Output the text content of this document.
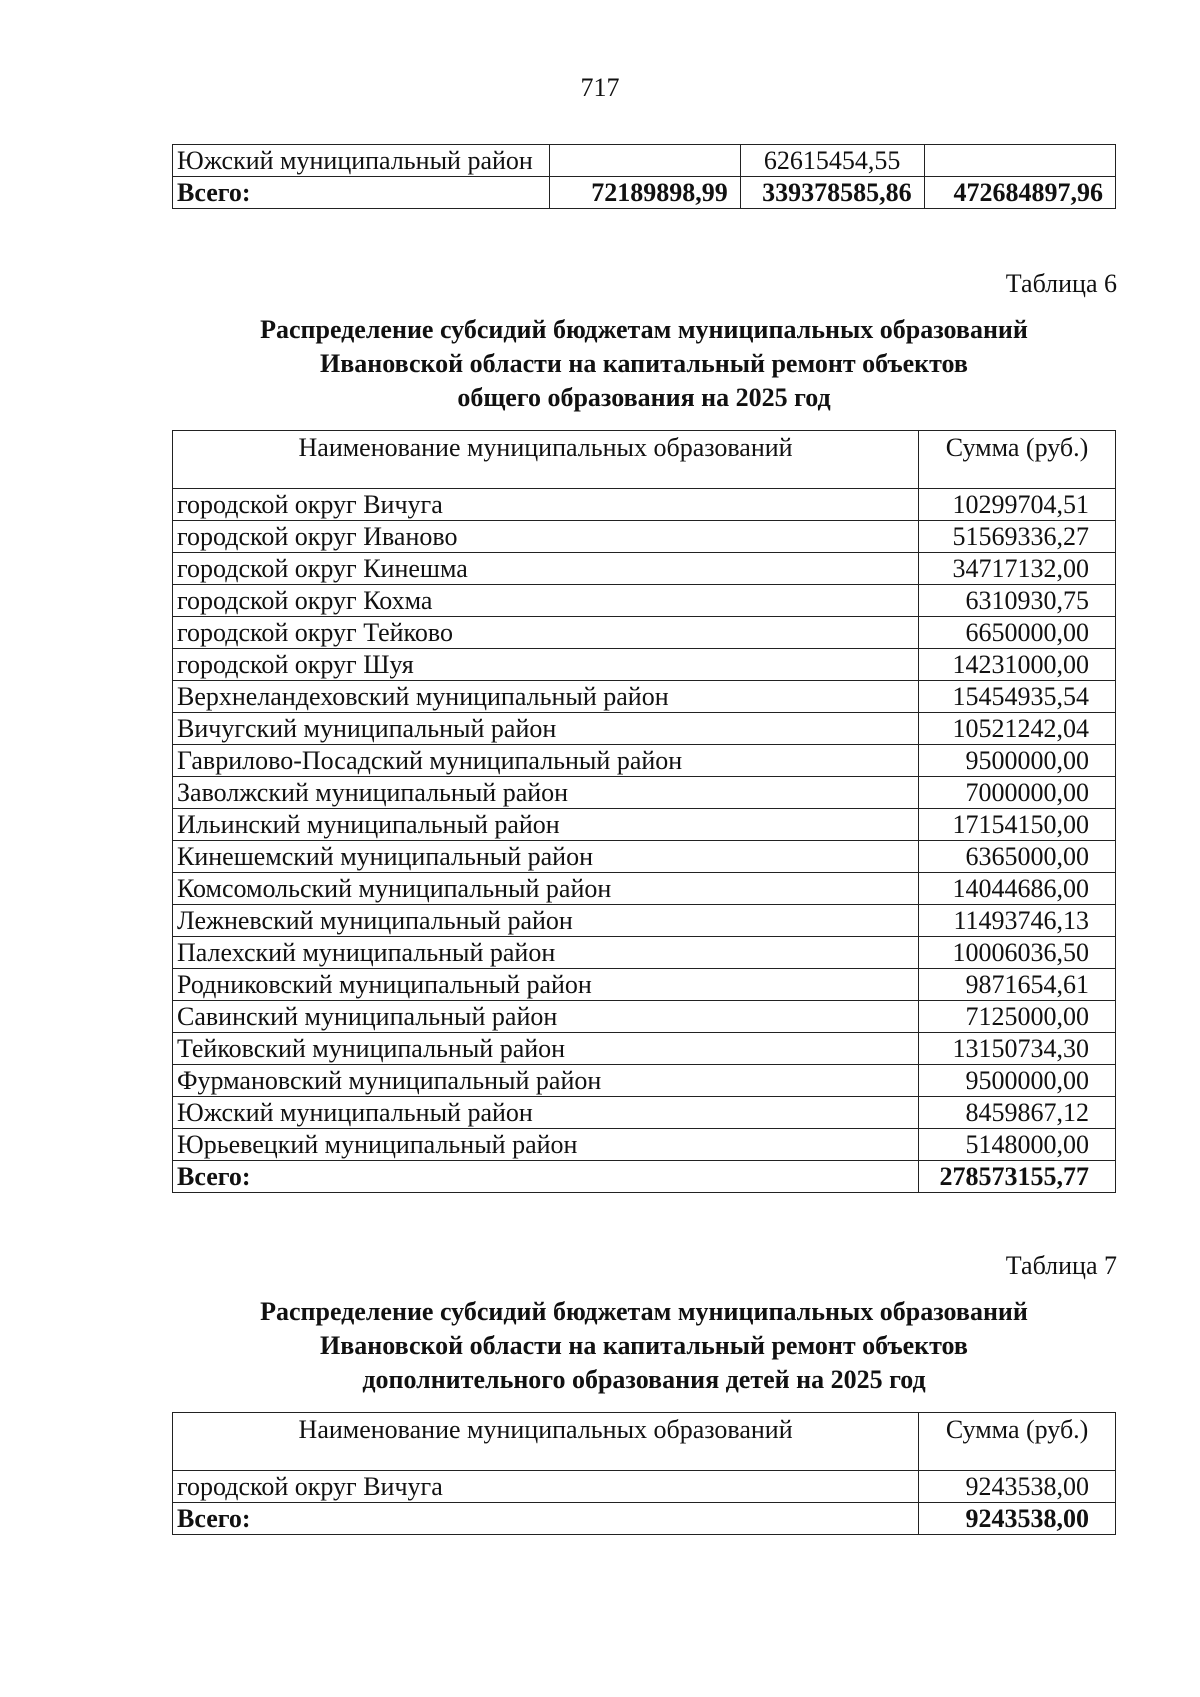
717
Южский муниципальный район		62615454,55	
Всего:	72189898,99	339378585,86	472684897,96
Таблица 6
Распределение субсидий бюджетам муниципальных образований
Ивановской области на капитальный ремонт объектов
общего образования на 2025 год
Наименование муниципальных образований	Сумма (руб.)
городской округ Вичуга	10299704,51
городской округ Иваново	51569336,27
городской округ Кинешма	34717132,00
городской округ Кохма	6310930,75
городской округ Тейково	6650000,00
городской округ Шуя	14231000,00
Верхнеландеховский муниципальный район	15454935,54
Вичугский муниципальный район	10521242,04
Гаврилово-Посадский муниципальный район	9500000,00
Заволжский муниципальный район	7000000,00
Ильинский муниципальный район	17154150,00
Кинешемский муниципальный район	6365000,00
Комсомольский муниципальный район	14044686,00
Лежневский муниципальный район	11493746,13
Палехский муниципальный район	10006036,50
Родниковский муниципальный район	9871654,61
Савинский муниципальный район	7125000,00
Тейковский муниципальный район	13150734,30
Фурмановский муниципальный район	9500000,00
Южский муниципальный район	8459867,12
Юрьевецкий муниципальный район	5148000,00
Всего:	278573155,77
Таблица 7
Распределение субсидий бюджетам муниципальных образований
Ивановской области на капитальный ремонт объектов
дополнительного образования детей на 2025 год
Наименование муниципальных образований	Сумма (руб.)
городской округ Вичуга	9243538,00
Всего:	9243538,00
